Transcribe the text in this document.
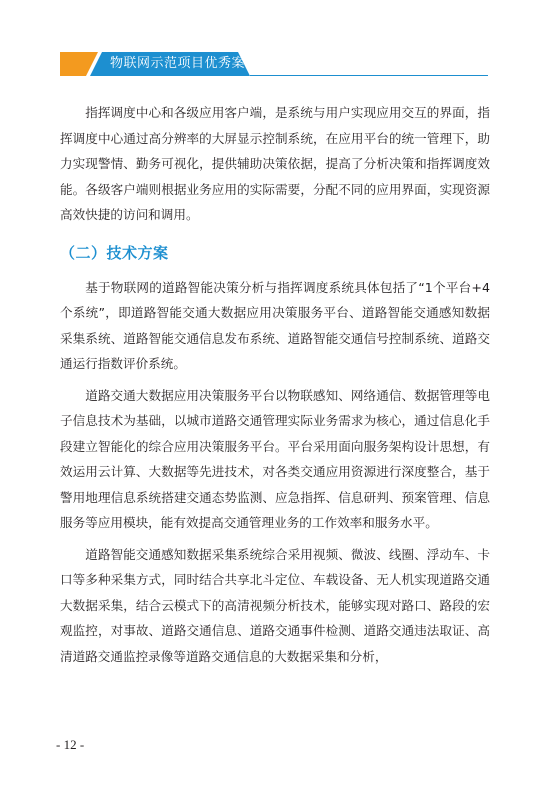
物联网示范项目优秀案例集

指挥调度中心和各级应用客户端，是系统与用户实现应用交互的界面，指挥调度中心通过高分辨率的大屏显示控制系统，在应用平台的统一管理下，助力实现警情、勤务可视化，提供辅助决策依据，提高了分析决策和指挥调度效能。各级客户端则根据业务应用的实际需要，分配不同的应用界面，实现资源高效快捷的访问和调用。

（二）技术方案

基于物联网的道路智能决策分析与指挥调度系统具体包括了“1个平台+4个系统”，即道路智能交通大数据应用决策服务平台、道路智能交通感知数据采集系统、道路智能交通信息发布系统、道路智能交通信号控制系统、道路交通运行指数评价系统。

道路交通大数据应用决策服务平台以物联感知、网络通信、数据管理等电子信息技术为基础，以城市道路交通管理实际业务需求为核心，通过信息化手段建立智能化的综合应用决策服务平台。平台采用面向服务架构设计思想，有效运用云计算、大数据等先进技术，对各类交通应用资源进行深度整合，基于警用地理信息系统搭建交通态势监测、应急指挥、信息研判、预案管理、信息服务等应用模块，能有效提高交通管理业务的工作效率和服务水平。

道路智能交通感知数据采集系统综合采用视频、微波、线圈、浮动车、卡口等多种采集方式，同时结合共享北斗定位、车载设备、无人机实现道路交通大数据采集，结合云模式下的高清视频分析技术，能够实现对路口、路段的宏观监控，对事故、道路交通信息、道路交通事件检测、道路交通违法取证、高清道路交通监控录像等道路交通信息的大数据采集和分析，

- 12 -
